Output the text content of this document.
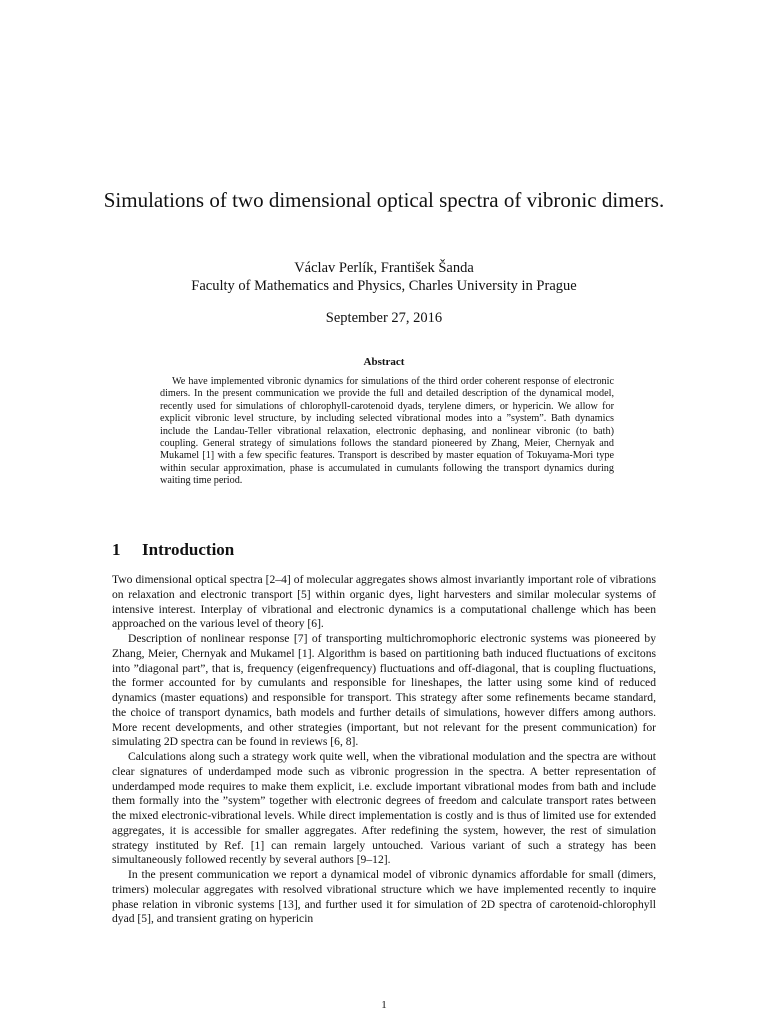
Simulations of two dimensional optical spectra of vibronic dimers.

Václav Perlík, František Šanda

Faculty of Mathematics and Physics, Charles University in Prague

September 27, 2016

Abstract

We have implemented vibronic dynamics for simulations of the third order coherent response of electronic dimers. In the present communication we provide the full and detailed description of the dynamical model, recently used for simulations of chlorophyll-carotenoid dyads, terylene dimers, or hypericin. We allow for explicit vibronic level structure, by including selected vibrational modes into a ”system”. Bath dynamics include the Landau-Teller vibrational relaxation, electronic dephasing, and nonlinear vibronic (to bath) coupling. General strategy of simulations follows the standard pioneered by Zhang, Meier, Chernyak and Mukamel [1] with a few specific features. Transport is described by master equation of Tokuyama-Mori type within secular approximation, phase is accumulated in cumulants following the transport dynamics during waiting time period.

1 Introduction

Two dimensional optical spectra [2–4] of molecular aggregates shows almost invariantly important role of vibrations on relaxation and electronic transport [5] within organic dyes, light harvesters and similar molecular systems of intensive interest. Interplay of vibrational and electronic dynamics is a computational challenge which has been approached on the various level of theory [6].

Description of nonlinear response [7] of transporting multichromophoric electronic systems was pioneered by Zhang, Meier, Chernyak and Mukamel [1]. Algorithm is based on partitioning bath induced fluctuations of excitons into ”diagonal part”, that is, frequency (eigenfrequency) fluctuations and off-diagonal, that is coupling fluctuations, the former accounted for by cumulants and responsible for lineshapes, the latter using some kind of reduced dynamics (master equations) and responsible for transport. This strategy after some refinements became standard, the choice of transport dynamics, bath models and further details of simulations, however differs among authors. More recent developments, and other strategies (important, but not relevant for the present communication) for simulating 2D spectra can be found in reviews [6, 8].

Calculations along such a strategy work quite well, when the vibrational modulation and the spectra are without clear signatures of underdamped mode such as vibronic progression in the spectra. A better representation of underdamped mode requires to make them explicit, i.e. exclude important vibrational modes from bath and include them formally into the ”system” together with electronic degrees of freedom and calculate transport rates between the mixed electronic-vibrational levels. While direct implementation is costly and is thus of limited use for extended aggregates, it is accessible for smaller aggregates. After redefining the system, however, the rest of simulation strategy instituted by Ref. [1] can remain largely untouched. Various variant of such a strategy has been simultaneously followed recently by several authors [9–12].

In the present communication we report a dynamical model of vibronic dynamics affordable for small (dimers, trimers) molecular aggregates with resolved vibrational structure which we have implemented recently to inquire phase relation in vibronic systems [13], and further used it for simulation of 2D spectra of carotenoid-chlorophyll dyad [5], and transient grating on hypericin

1
